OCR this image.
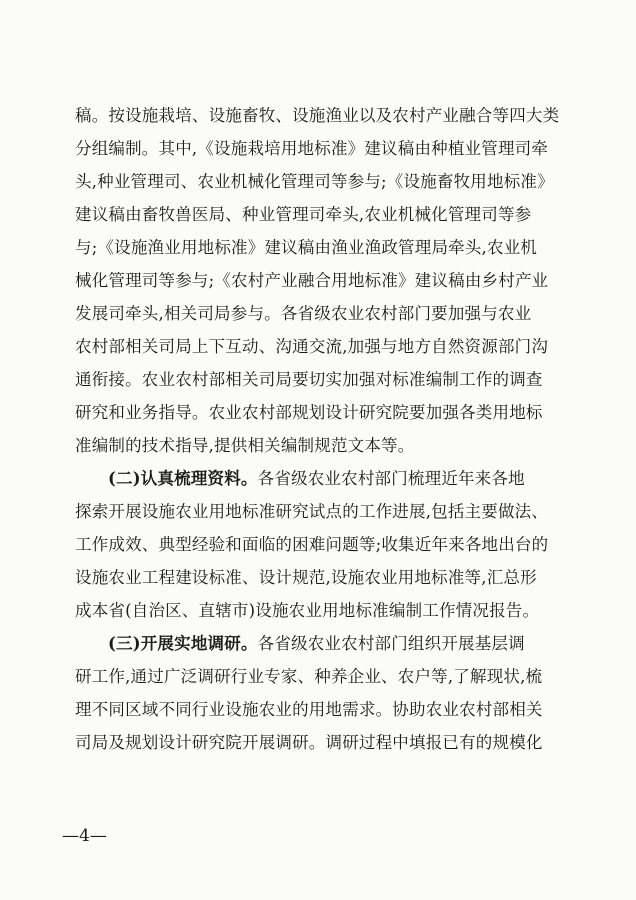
稿。按设施栽培、设施畜牧、设施渔业以及农村产业融合等四大类
分组编制。其中,《设施栽培用地标准》建议稿由种植业管理司牵
头,种业管理司、农业机械化管理司等参与;《设施畜牧用地标准》
建议稿由畜牧兽医局、种业管理司牵头,农业机械化管理司等参
与;《设施渔业用地标准》建议稿由渔业渔政管理局牵头,农业机
械化管理司等参与;《农村产业融合用地标准》建议稿由乡村产业
发展司牵头,相关司局参与。各省级农业农村部门要加强与农业
农村部相关司局上下互动、沟通交流,加强与地方自然资源部门沟
通衔接。农业农村部相关司局要切实加强对标准编制工作的调查
研究和业务指导。农业农村部规划设计研究院要加强各类用地标
准编制的技术指导,提供相关编制规范文本等。
(二)认真梳理资料。各省级农业农村部门梳理近年来各地
探索开展设施农业用地标准研究试点的工作进展,包括主要做法、
工作成效、典型经验和面临的困难问题等;收集近年来各地出台的
设施农业工程建设标准、设计规范,设施农业用地标准等,汇总形
成本省(自治区、直辖市)设施农业用地标准编制工作情况报告。
(三)开展实地调研。各省级农业农村部门组织开展基层调
研工作,通过广泛调研行业专家、种养企业、农户等,了解现状,梳
理不同区域不同行业设施农业的用地需求。协助农业农村部相关
司局及规划设计研究院开展调研。调研过程中填报已有的规模化
—4—
